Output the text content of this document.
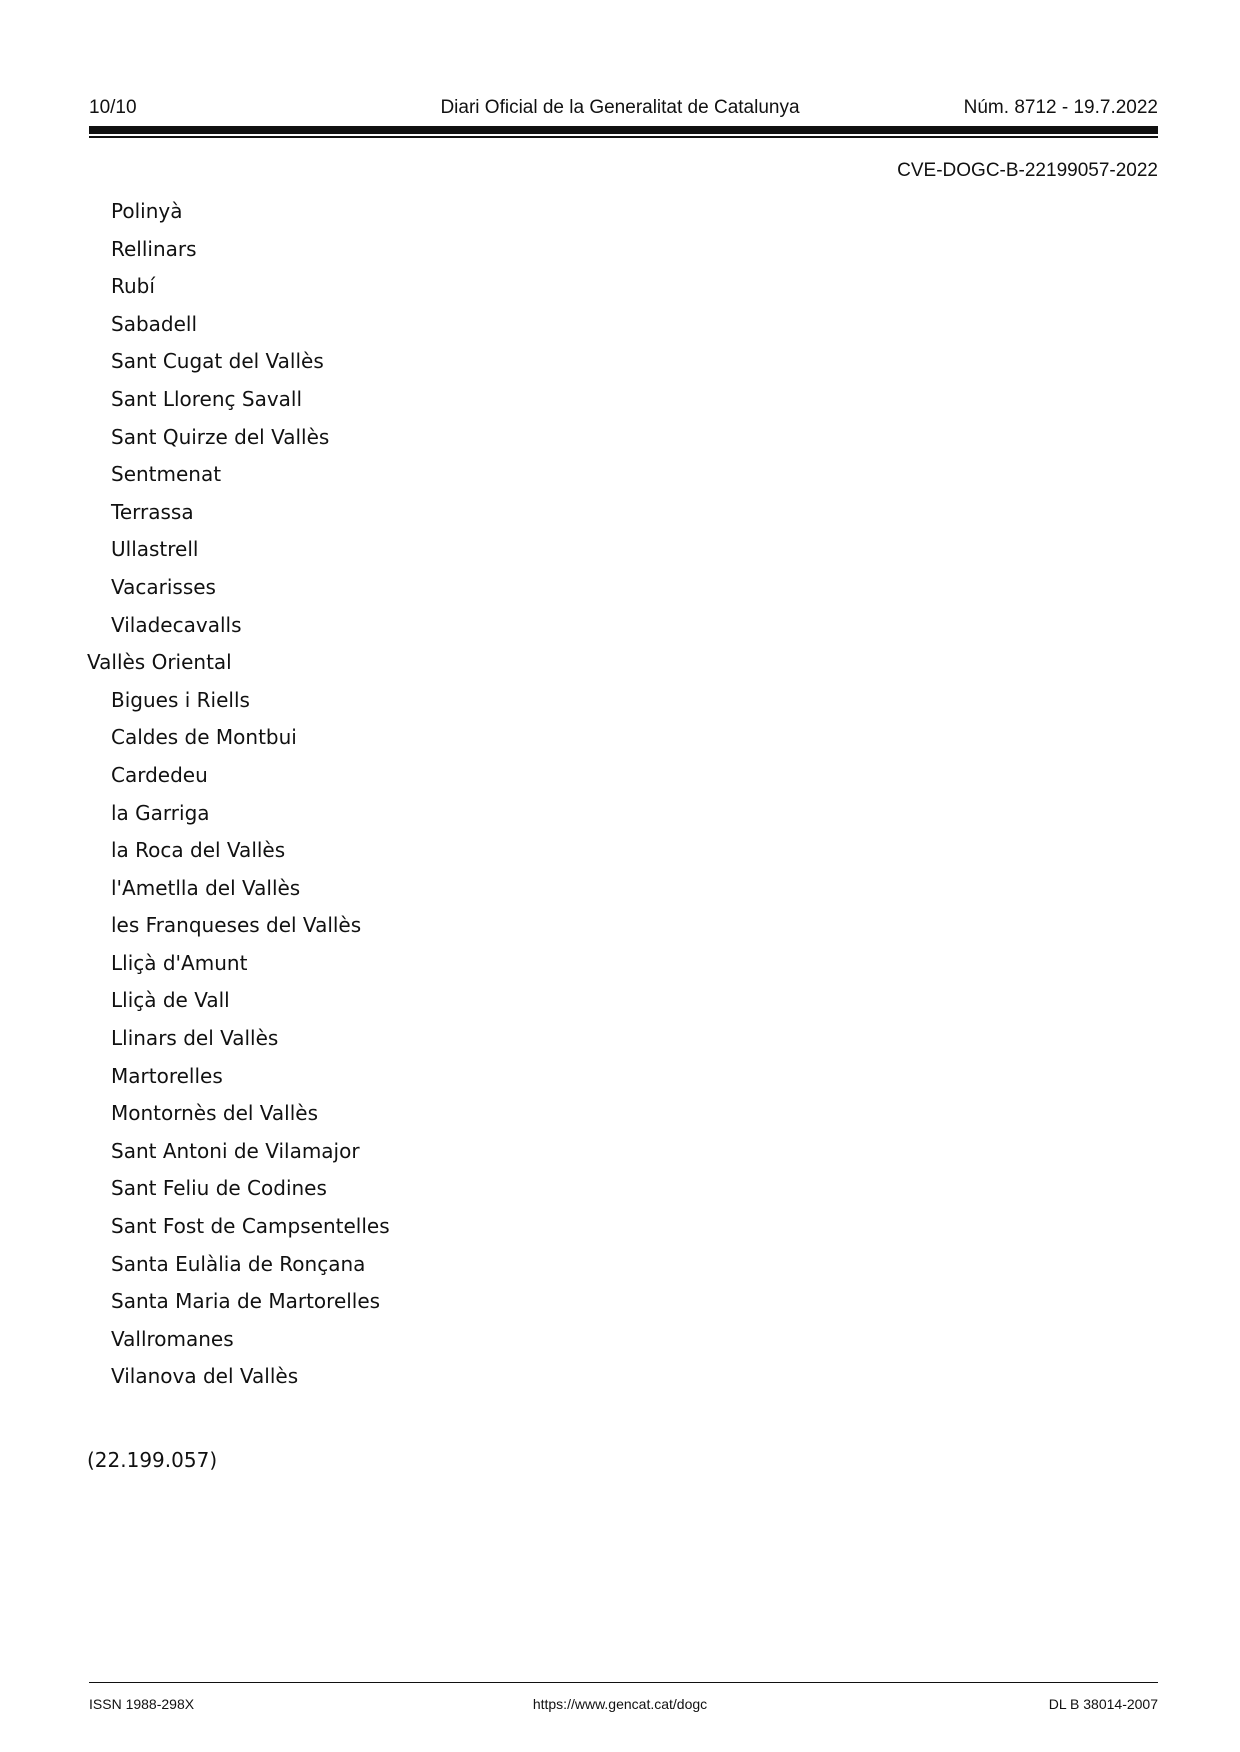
10/10	Diari Oficial de la Generalitat de Catalunya	Núm. 8712 - 19.7.2022
CVE-DOGC-B-22199057-2022
Polinyà
Rellinars
Rubí
Sabadell
Sant Cugat del Vallès
Sant Llorenç Savall
Sant Quirze del Vallès
Sentmenat
Terrassa
Ullastrell
Vacarisses
Viladecavalls
Vallès Oriental
Bigues i Riells
Caldes de Montbui
Cardedeu
la Garriga
la Roca del Vallès
l'Ametlla del Vallès
les Franqueses del Vallès
Lliçà d'Amunt
Lliçà de Vall
Llinars del Vallès
Martorelles
Montornès del Vallès
Sant Antoni de Vilamajor
Sant Feliu de Codines
Sant Fost de Campsentelles
Santa Eulàlia de Ronçana
Santa Maria de Martorelles
Vallromanes
Vilanova del Vallès
(22.199.057)
ISSN 1988-298X	https://www.gencat.cat/dogc	DL B 38014-2007
